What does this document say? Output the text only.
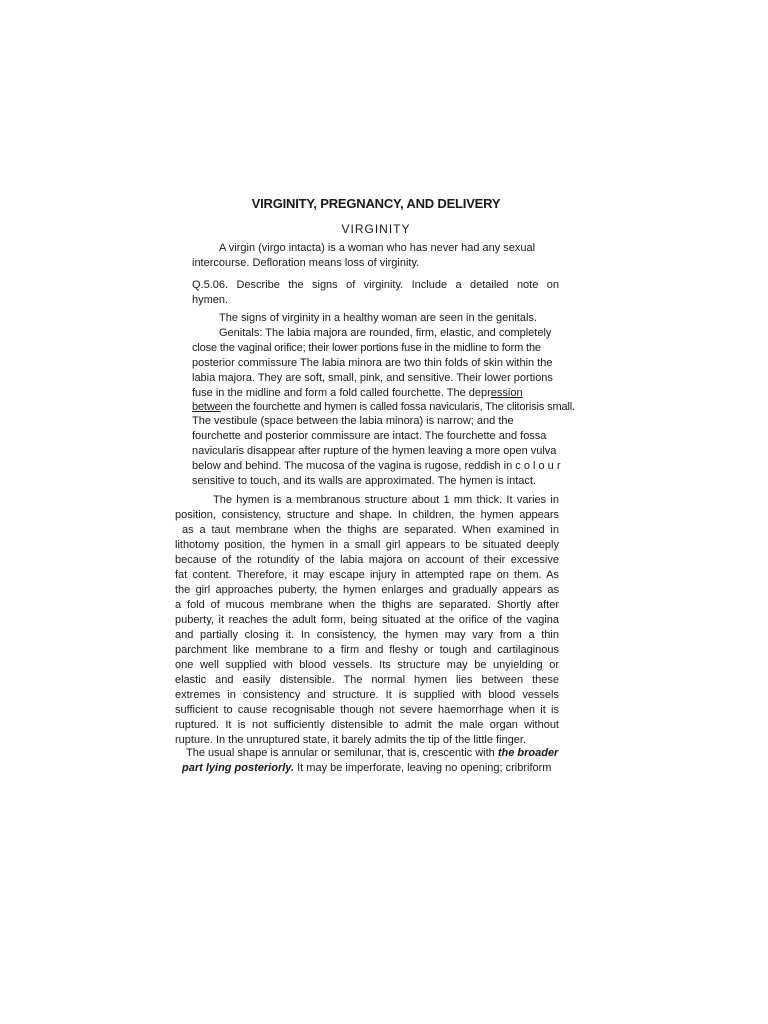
VIRGINITY, PREGNANCY, AND DELIVERY
VIRGINITY
A virgin (virgo intacta) is a woman who has never had any sexual
intercourse. Defloration means loss of virginity.
Q.5.06. Describe the signs of virginity. Include a detailed note on
hymen.
The signs of virginity in a healthy woman are seen in the genitals.
Genitals: The labia majora are rounded, firm, elastic, and completely
close the vaginal orifice; their lower portions fuse in the midline to form the
posterior commissure The labia minora are two thin folds of skin within the
labia majora. They are soft, small, pink, and sensitive. Their lower portions
fuse in the midline and form a fold called fourchette. The depression
between the fourchette and hymen is called fossa navicularis, The clitorisis small.
The vestibule (space between the labia minora) is narrow; and the
fourchette and posterior commissure are intact. The fourchette and fossa
navicularis disappear after rupture of the hymen leaving a more open vulva
below and behind. The mucosa of the vagina is rugose, reddish in c o l o u r
sensitive to touch, and its walls are approximated. The hymen is intact.
The hymen is a membranous structure about 1 mm thick. It varies in
position, consistency, structure and shape. In children, the hymen appears
as a taut membrane when the thighs are separated. When examined in
lithotomy position, the hymen in a small girl appears to be situated deeply
because of the rotundity of the labia majora on account of their excessive
fat content. Therefore, it may escape injury in attempted rape on them. As
the girl approaches puberty, the hymen enlarges and gradually appears as
a fold of mucous membrane when the thighs are separated. Shortly after
puberty, it reaches the adult form, being situated at the orifice of the vagina
and partially closing it. In consistency, the hymen may vary from a thin
parchment like membrane to a firm and fleshy or tough and cartilaginous
one well supplied with blood vessels. Its structure may be unyielding or
elastic and easily distensible. The normal hymen lies between these
extremes in consistency and structure. It is supplied with blood vessels
sufficient to cause recognisable though not severe haemorrhage when it is
ruptured. It is not sufficiently distensible to admit the male organ without
rupture. In the unruptured state, it barely admits the tip of the little finger.
The usual shape is annular or semilunar, that is, crescentic with the broader
part lying posteriorly. It may be imperforate, leaving no opening; cribriform
